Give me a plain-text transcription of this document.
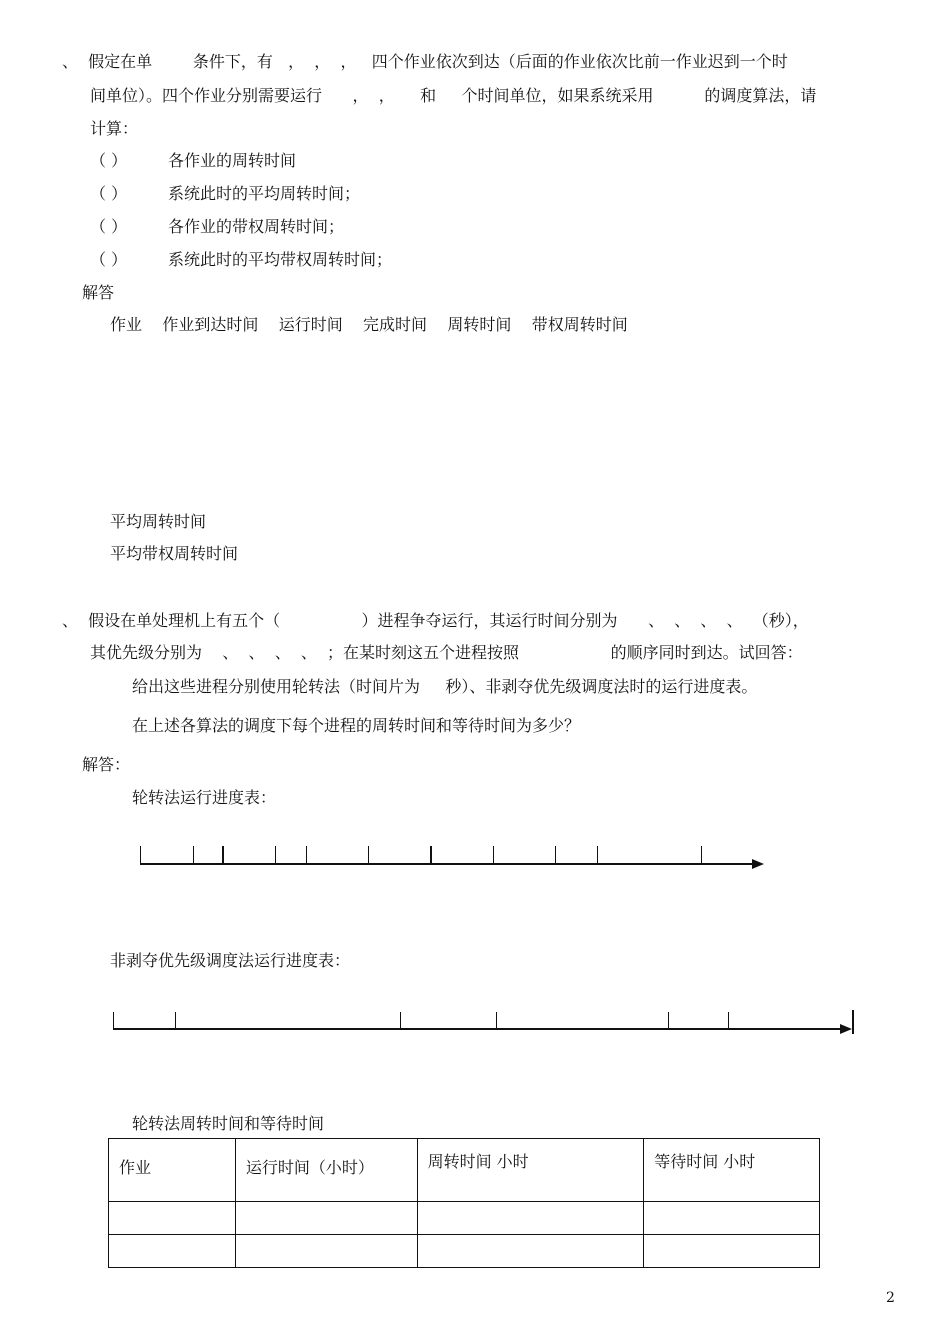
、  假定在单        条件下，有   ，  ，  ，   四个作业依次到达（后面的作业依次比前一作业迟到一个时
间单位）。四个作业分别需要运行      ，  ，     和     个时间单位，如果系统采用          的调度算法，请
计算：
（ ）	各作业的周转时间
（ ）	系统此时的平均周转时间；
（ ）	各作业的带权周转时间；
（ ）	系统此时的平均带权周转时间；
解答
作业    作业到达时间    运行时间    完成时间    周转时间    带权周转时间
平均周转时间
平均带权周转时间
、  假设在单处理机上有五个（                ）进程争夺运行，其运行时间分别为      、  、  、  、  （秒），
其优先级分别为    、  、  、  、  ；在某时刻这五个进程按照                  的顺序同时到达。试回答：
给出这些进程分别使用轮转法（时间片为     秒）、非剥夺优先级调度法时的运行进度表。
在上述各算法的调度下每个进程的周转时间和等待时间为多少？
解答：
轮转法运行进度表：
非剥夺优先级调度法运行进度表：
轮转法周转时间和等待时间
作业	运行时间（小时）	周转时间 小时	等待时间 小时

2
